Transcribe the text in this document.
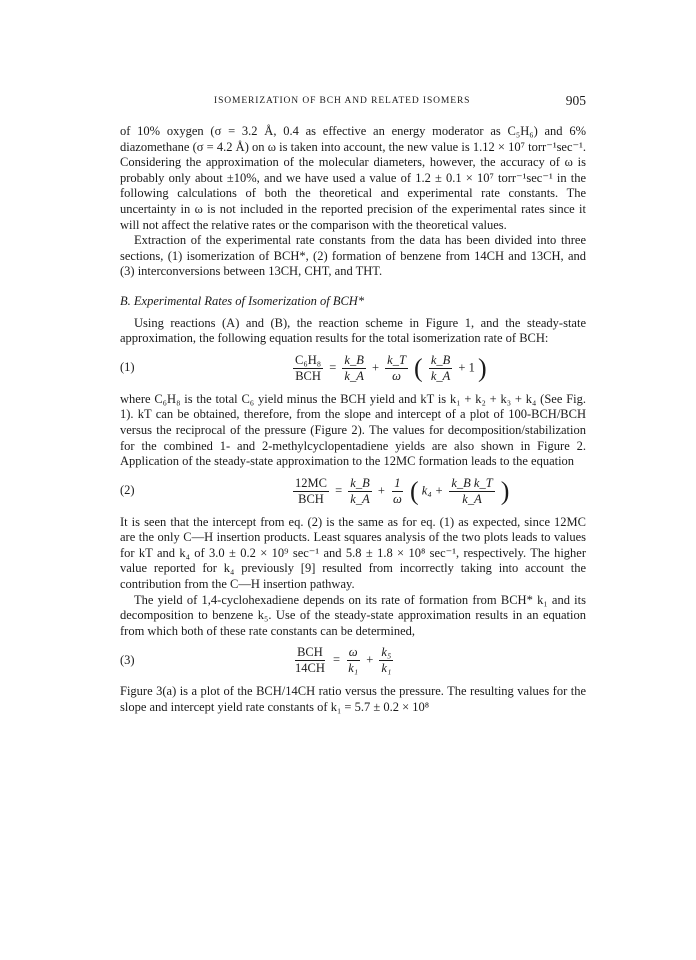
ISOMERIZATION OF BCH AND RELATED ISOMERS	905

of 10% oxygen (σ = 3.2 Å, 0.4 as effective an energy moderator as C₅H₆) and 6% diazomethane (σ = 4.2 Å) on ω is taken into account, the new value is 1.12 × 10⁷ torr⁻¹sec⁻¹. Considering the approximation of the molecular diameters, however, the accuracy of ω is probably only about ±10%, and we have used a value of 1.2 ± 0.1 × 10⁷ torr⁻¹sec⁻¹ in the following calculations of both the theoretical and experimental rate constants. The uncertainty in ω is not included in the reported precision of the experimental rates since it will not affect the relative rates or the comparison with the theoretical values.

Extraction of the experimental rate constants from the data has been divided into three sections, (1) isomerization of BCH*, (2) formation of benzene from 14CH and 13CH, and (3) interconversions between 13CH, CHT, and THT.

B. Experimental Rates of Isomerization of BCH*

Using reactions (A) and (B), the reaction scheme in Figure 1, and the steady-state approximation, the following equation results for the total isomerization rate of BCH:

(1)	$\frac{\text{C₆H₈}}{\text{BCH}} = \frac{k\_B}{k\_A} + \frac{k\_T}{\omega}$ ( $\frac{k\_B}{k\_A} + 1$ )

where C₆H₈ is the total C₆ yield minus the BCH yield and kT is k₁ + k₂ + k₃ + k₄ (See Fig. 1). kT can be obtained, therefore, from the slope and intercept of a plot of 100-BCH/BCH versus the reciprocal of the pressure (Figure 2). The values for decomposition/stabilization for the combined 1- and 2-methylcyclopentadiene yields are also shown in Figure 2. Application of the steady-state approximation to the 12MC formation leads to the equation

(2)	$\frac{12MC}{\text{BCH}} = \frac{k\_B}{k\_A} + \frac{1}{\omega}$ ( $k_4 + \frac{\text{k\_B k\_T}}{k\_A}$ )

It is seen that the intercept from eq. (2) is the same as for eq. (1) as expected, since 12MC are the only C—H insertion products. Least squares analysis of the two plots leads to values for kT and k₄ of 3.0 ± 0.2 × 10⁹ sec⁻¹ and 5.8 ± 1.8 × 10⁸ sec⁻¹, respectively. The higher value reported for k₄ previously [9] resulted from incorrectly taking into account the contribution from the C—H insertion pathway.

The yield of 1,4-cyclohexadiene depends on its rate of formation from BCH* k₁ and its decomposition to benzene k₅. Use of the steady-state approximation results in an equation from which both of these rate constants can be determined,

(3)	$\frac{\text{BCH}}{14CH} = \frac{\omega}{\text{k₁}} + \frac{\text{k₅}}{\text{k₁}}$

Figure 3(a) is a plot of the BCH/14CH ratio versus the pressure. The resulting values for the slope and intercept yield rate constants of k₁ = 5.7 ± 0.2 × 10⁸
